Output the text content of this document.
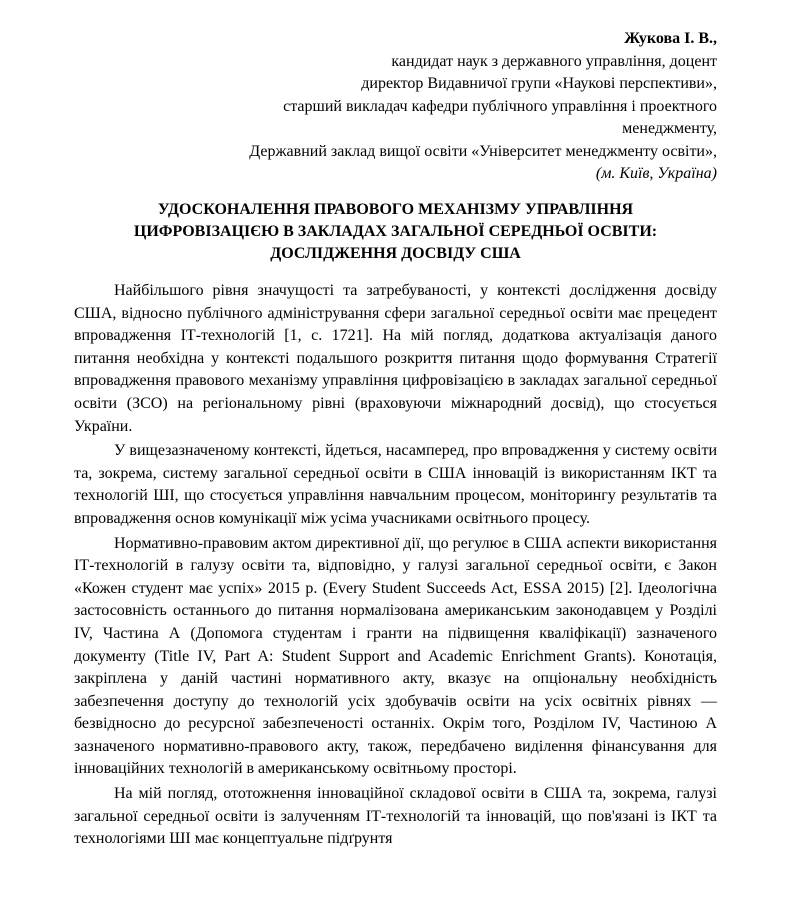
Жукова І. В.,
кандидат наук з державного управління, доцент
директор Видавничої групи «Наукові перспективи»,
старший викладач кафедри публічного управління і проектного
менеджменту,
Державний заклад вищої освіти «Університет менеджменту освіти»,
(м. Київ, Україна)
УДОСКОНАЛЕННЯ ПРАВОВОГО МЕХАНІЗМУ УПРАВЛІННЯ
ЦИФРОВІЗАЦІЄЮ В ЗАКЛАДАХ ЗАГАЛЬНОЇ СЕРЕДНЬОЇ ОСВІТИ:
ДОСЛІДЖЕННЯ ДОСВІДУ США

Найбільшого рівня значущості та затребуваності, у контексті дослідження досвіду США, відносно публічного адміністрування сфери загальної середньої освіти має прецедент впровадження ІТ-технологій [1, с. 1721]. На мій погляд, додаткова актуалізація даного питання необхідна у контексті подальшого розкриття питання щодо формування Стратегії впровадження правового механізму управління цифровізацією в закладах загальної середньої освіти (ЗСО) на регіональному рівні (враховуючи міжнародний досвід), що стосується України.

У вищезазначеному контексті, йдеться, насамперед, про впровадження у систему освіти та, зокрема, систему загальної середньої освіти в США інновацій із використанням ІКТ та технологій ШІ, що стосується управління навчальним процесом, моніторингу результатів та впровадження основ комунікації між усіма учасниками освітнього процесу.

Нормативно-правовим актом директивної дії, що регулює в США аспекти використання ІТ-технологій в галузу освіти та, відповідно, у галузі загальної середньої освіти, є Закон «Кожен студент має успіх» 2015 р. (Every Student Succeeds Act, ESSA 2015) [2]. Ідеологічна застосовність останнього до питання нормалізована американським законодавцем у Розділі IV, Частина А (Допомога студентам і гранти на підвищення кваліфікації) зазначеного документу (Title IV, Part A: Student Support and Academic Enrichment Grants). Конотація, закріплена у даній частині нормативного акту, вказує на опціональну необхідність забезпечення доступу до технологій усіх здобувачів освіти на усіх освітніх рівнях — безвідносно до ресурсної забезпеченості останніх. Окрім того, Розділом IV, Частиною А зазначеного нормативно-правового акту, також, передбачено виділення фінансування для інноваційних технологій в американському освітньому просторі.

На мій погляд, ототожнення інноваційної складової освіти в США та, зокрема, галузі загальної середньої освіти із залученням ІТ-технологій та інновацій, що пов'язані із ІКТ та технологіями ШІ має концептуальне підґрунтя
